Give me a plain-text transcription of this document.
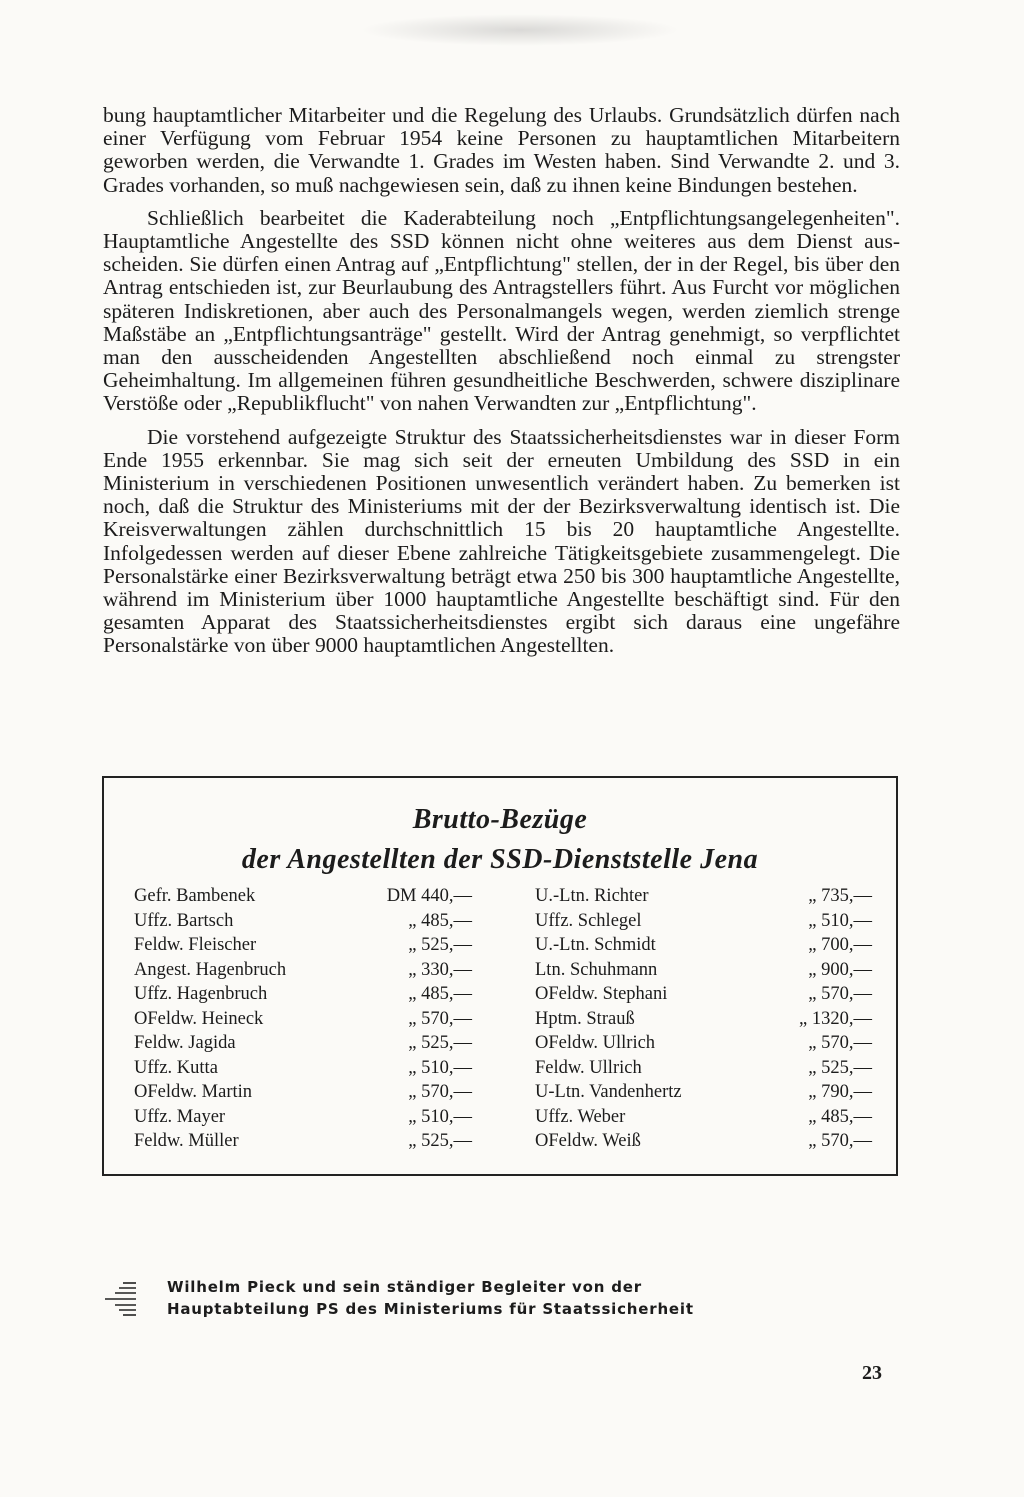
bung hauptamtlicher Mitarbeiter und die Regelung des Urlaubs. Grundsätzlich dürfen nach einer Verfügung vom Februar 1954 keine Personen zu hauptamtlichen Mitarbeitern geworben werden, die Verwandte 1. Grades im Westen haben. Sind Verwandte 2. und 3. Grades vorhanden, so muß nachgewiesen sein, daß zu ihnen keine Bindungen bestehen.

Schließlich bearbeitet die Kaderabteilung noch „Entpflichtungsangelegenheiten". Hauptamtliche Angestellte des SSD können nicht ohne weiteres aus dem Dienst ausscheiden. Sie dürfen einen Antrag auf „Entpflichtung" stellen, der in der Regel, bis über den Antrag entschieden ist, zur Beurlaubung des Antragstellers führt. Aus Furcht vor möglichen späteren Indiskretionen, aber auch des Personalmangels wegen, werden ziemlich strenge Maßstäbe an „Entpflichtungsanträge" gestellt. Wird der Antrag genehmigt, so verpflichtet man den ausscheidenden Angestellten abschließend noch einmal zu strengster Geheimhaltung. Im allgemeinen führen gesundheitliche Beschwerden, schwere disziplinare Verstöße oder „Republikflucht" von nahen Verwandten zur „Entpflichtung".

Die vorstehend aufgezeigte Struktur des Staatssicherheitsdienstes war in dieser Form Ende 1955 erkennbar. Sie mag sich seit der erneuten Umbildung des SSD in ein Ministerium in verschiedenen Positionen unwesentlich verändert haben. Zu bemerken ist noch, daß die Struktur des Ministeriums mit der der Bezirksverwaltung identisch ist. Die Kreisverwaltungen zählen durchschnittlich 15 bis 20 hauptamtliche Angestellte. Infolgedessen werden auf dieser Ebene zahlreiche Tätigkeitsgebiete zusammengelegt. Die Personalstärke einer Bezirksverwaltung beträgt etwa 250 bis 300 hauptamtliche Angestellte, während im Ministerium über 1000 hauptamtliche Angestellte beschäftigt sind. Für den gesamten Apparat des Staatssicherheitsdienstes ergibt sich daraus eine ungefähre Personalstärke von über 9000 hauptamtlichen Angestellten.

Brutto-Bezüge
der Angestellten der SSD-Dienststelle Jena
Gefr. Bambenek	DM 440,—
Uffz. Bartsch	„ 485,—
Feldw. Fleischer	„ 525,—
Angest. Hagenbruch	„ 330,—
Uffz. Hagenbruch	„ 485,—
OFeldw. Heineck	„ 570,—
Feldw. Jagida	„ 525,—
Uffz. Kutta	„ 510,—
OFeldw. Martin	„ 570,—
Uffz. Mayer	„ 510,—
Feldw. Müller	„ 525,—
U.-Ltn. Richter	„ 735,—
Uffz. Schlegel	„ 510,—
U.-Ltn. Schmidt	„ 700,—
Ltn. Schuhmann	„ 900,—
OFeldw. Stephani	„ 570,—
Hptm. Strauß	„ 1320,—
OFeldw. Ullrich	„ 570,—
Feldw. Ullrich	„ 525,—
U-Ltn. Vandenhertz	„ 790,—
Uffz. Weber	„ 485,—
OFeldw. Weiß	„ 570,—
Wilhelm Pieck und sein ständiger Begleiter von der
Hauptabteilung PS des Ministeriums für Staatssicherheit
23
